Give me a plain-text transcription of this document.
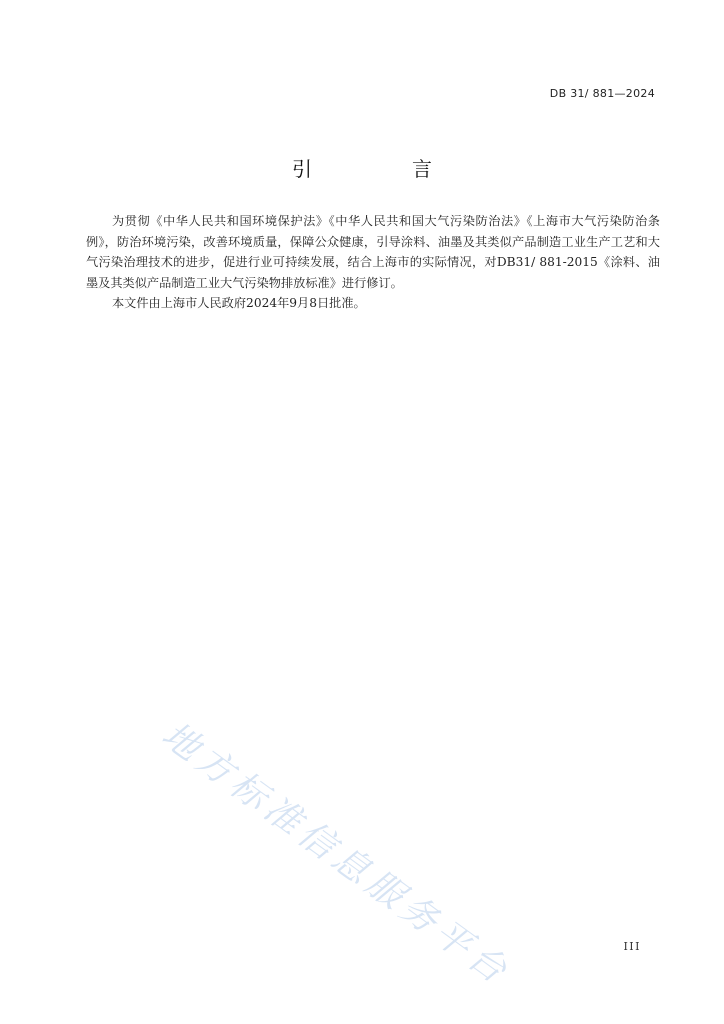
DB 31/ 881—2024
引　言

为贯彻《中华人民共和国环境保护法》《中华人民共和国大气污染防治法》《上海市大气污染防治条例》，防治环境污染，改善环境质量，保障公众健康，引导涂料、油墨及其类似产品制造工业生产工艺和大气污染治理技术的进步，促进行业可持续发展，结合上海市的实际情况，对DB31/ 881-2015《涂料、油墨及其类似产品制造工业大气污染物排放标准》进行修订。

本文件由上海市人民政府2024年9月8日批准。

地方标准信息服务平台	III
